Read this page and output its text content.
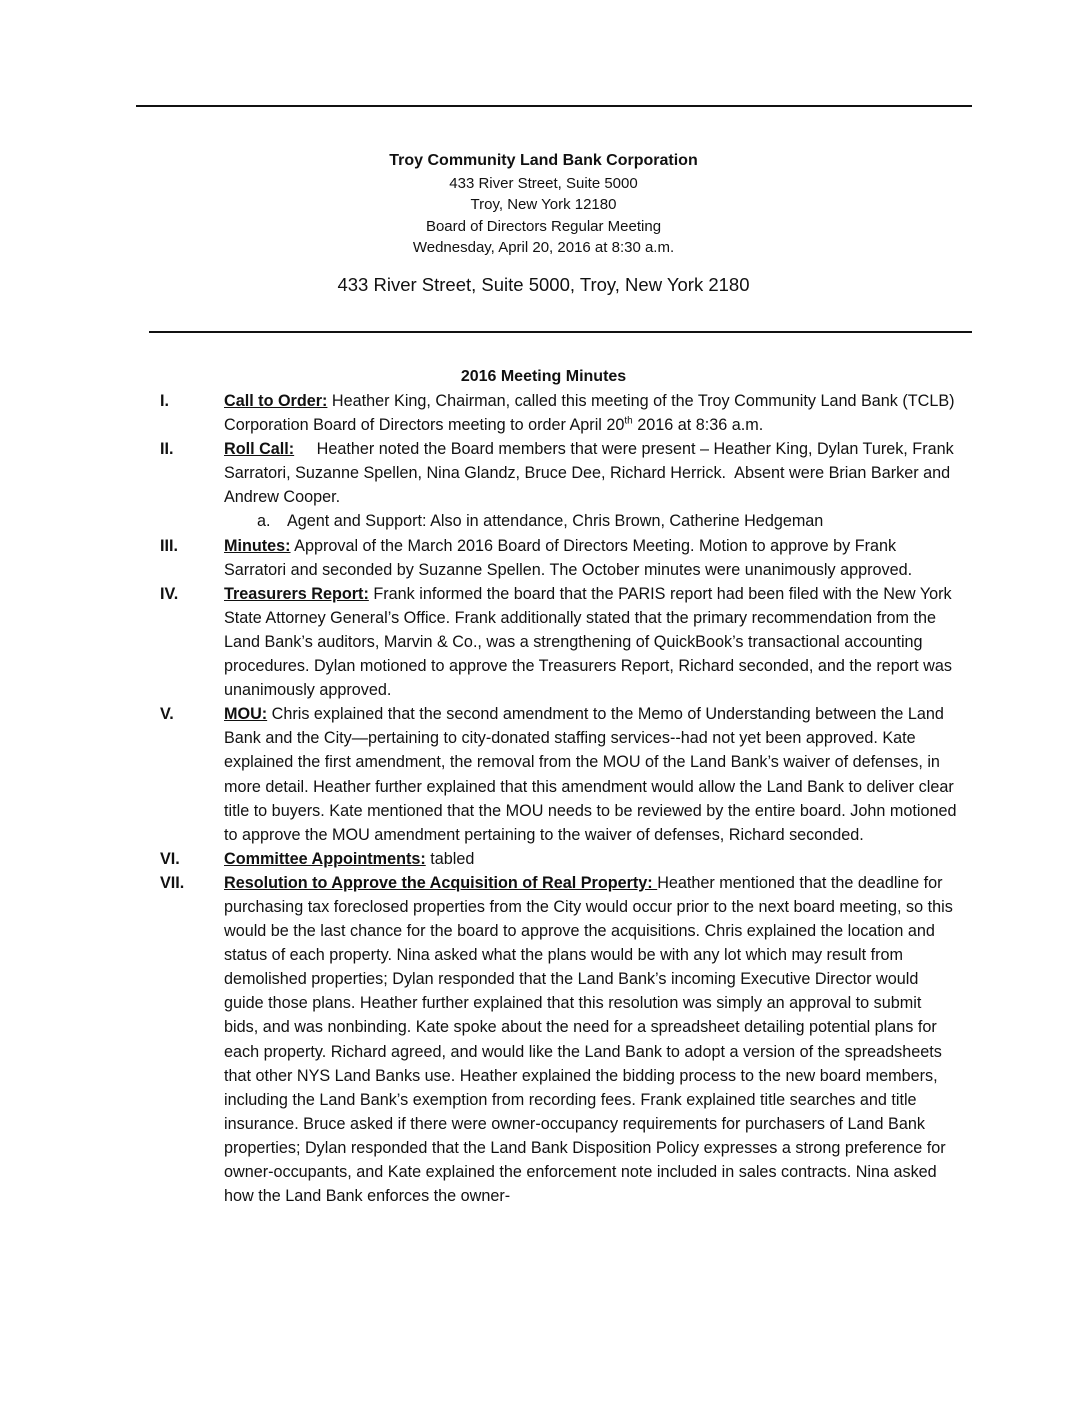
Troy Community Land Bank Corporation
433 River Street, Suite 5000
Troy, New York 12180
Board of Directors Regular Meeting
Wednesday, April 20, 2016 at 8:30 a.m.
433 River Street, Suite 5000, Troy, New York 2180
2016 Meeting Minutes
I.	Call to Order: Heather King, Chairman, called this meeting of the Troy Community Land Bank (TCLB) Corporation Board of Directors meeting to order April 20th 2016 at 8:36 a.m.
II.	Roll Call:     Heather noted the Board members that were present – Heather King, Dylan Turek, Frank Sarratori, Suzanne Spellen, Nina Glandz, Bruce Dee, Richard Herrick.  Absent were Brian Barker and Andrew Cooper.
a. Agent and Support: Also in attendance, Chris Brown, Catherine Hedgeman
III.	Minutes: Approval of the March 2016 Board of Directors Meeting. Motion to approve by Frank Sarratori and seconded by Suzanne Spellen. The October minutes were unanimously approved.
IV.	Treasurers Report: Frank informed the board that the PARIS report had been filed with the New York State Attorney General’s Office. Frank additionally stated that the primary recommendation from the Land Bank’s auditors, Marvin & Co., was a strengthening of QuickBook’s transactional accounting procedures. Dylan motioned to approve the Treasurers Report, Richard seconded, and the report was unanimously approved.
V.	MOU: Chris explained that the second amendment to the Memo of Understanding between the Land Bank and the City—pertaining to city-donated staffing services--had not yet been approved. Kate explained the first amendment, the removal from the MOU of the Land Bank’s waiver of defenses, in more detail. Heather further explained that this amendment would allow the Land Bank to deliver clear title to buyers. Kate mentioned that the MOU needs to be reviewed by the entire board. John motioned to approve the MOU amendment pertaining to the waiver of defenses, Richard seconded.
VI.	Committee Appointments: tabled
VII. Resolution to Approve the Acquisition of Real Property: Heather mentioned that the deadline for purchasing tax foreclosed properties from the City would occur prior to the next board meeting, so this would be the last chance for the board to approve the acquisitions. Chris explained the location and status of each property. Nina asked what the plans would be with any lot which may result from demolished properties; Dylan responded that the Land Bank’s incoming Executive Director would guide those plans. Heather further explained that this resolution was simply an approval to submit bids, and was nonbinding. Kate spoke about the need for a spreadsheet detailing potential plans for each property. Richard agreed, and would like the Land Bank to adopt a version of the spreadsheets that other NYS Land Banks use. Heather explained the bidding process to the new board members, including the Land Bank’s exemption from recording fees. Frank explained title searches and title insurance. Bruce asked if there were owner-occupancy requirements for purchasers of Land Bank properties; Dylan responded that the Land Bank Disposition Policy expresses a strong preference for owner-occupants, and Kate explained the enforcement note included in sales contracts. Nina asked how the Land Bank enforces the owner-
